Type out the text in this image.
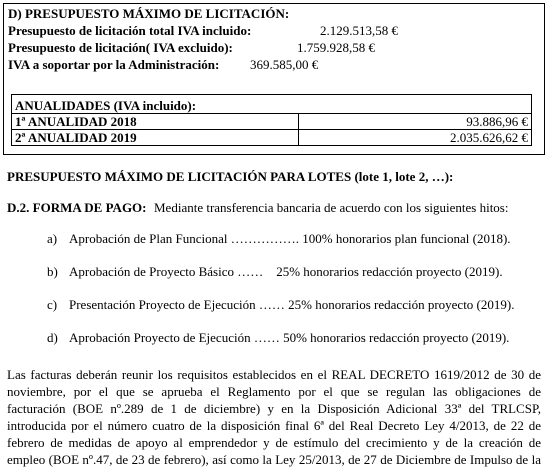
D) PRESUPUESTO MÁXIMO DE LICITACIÓN:
Presupuesto de licitación total IVA incluido:	2.129.513,58 €
Presupuesto de licitación( IVA excluido):	1.759.928,58 €
IVA a soportar por la Administración: 369.585,00 €
ANUALIDADES (IVA incluido):	
1ª ANUALIDAD 2018	93.886,96 €
2ª ANUALIDAD 2019	2.035.626,62 €
PRESUPUESTO MÁXIMO DE LICITACIÓN PARA LOTES (lote 1, lote 2, …):
D.2. FORMA DE PAGO: Mediante transferencia bancaria de acuerdo con los siguientes hitos:
a) Aprobación de Plan Funcional ……………. 100% honorarios plan funcional (2018).
b) Aprobación de Proyecto Básico ……    25% honorarios redacción proyecto (2019).
c) Presentación Proyecto de Ejecución …… 25% honorarios redacción proyecto (2019).
d) Aprobación Proyecto de Ejecución …… 50% honorarios redacción proyecto (2019).
Las facturas deberán reunir los requisitos establecidos en el REAL DECRETO 1619/2012 de 30 de
noviembre, por el que se aprueba el Reglamento por el que se regulan las obligaciones de
facturación (BOE nº.289 de 1 de diciembre) y en la Disposición Adicional 33ª del TRLCSP,
introducida por el número cuatro de la disposición final 6ª del Real Decreto Ley 4/2013, de 22 de
febrero de medidas de apoyo al emprendedor y de estímulo del crecimiento y de la creación de
empleo (BOE nº.47, de 23 de febrero), así como la Ley 25/2013, de 27 de Diciembre de Impulso de la
